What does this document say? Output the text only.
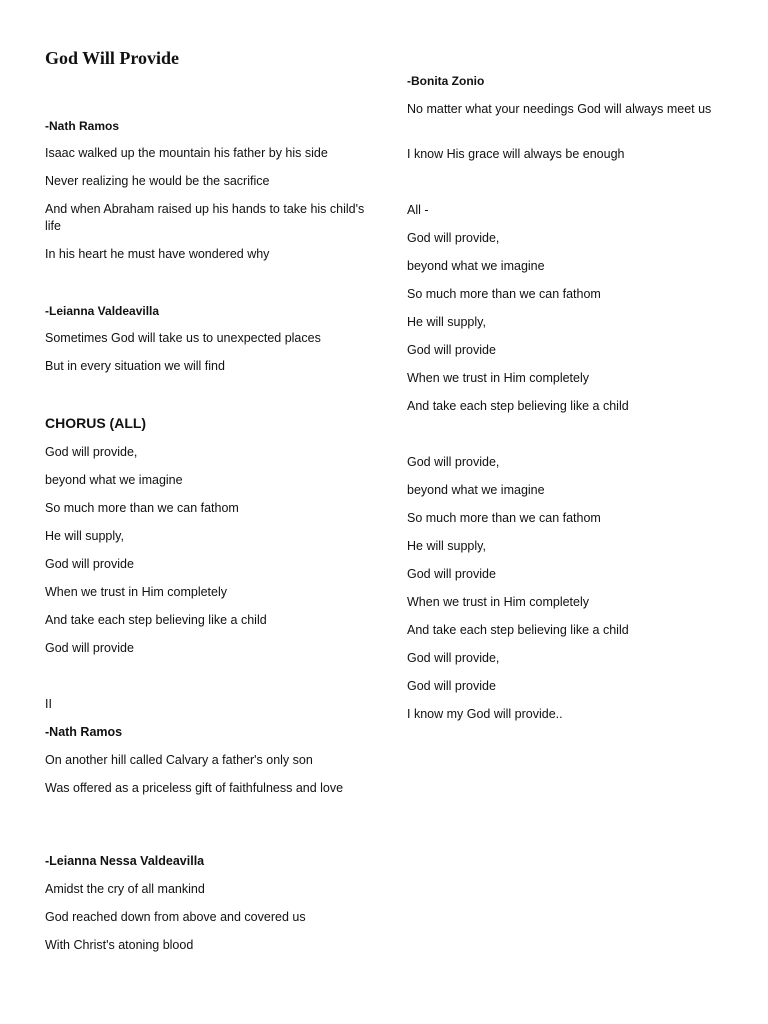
God Will Provide

-Nath Ramos

Isaac walked up the mountain his father by his side

Never realizing he would be the sacrifice

And when Abraham raised up his hands to take his child's life

In his heart he must have wondered why

-Leianna Valdeavilla

Sometimes God will take us to unexpected places

But in every situation we will find

CHORUS (ALL)

God will provide,

beyond what we imagine

So much more than we can fathom

He will supply,

God will provide

When we trust in Him completely

And take each step believing like a child

God will provide

II

-Nath Ramos

On another hill called Calvary a father's only son

Was offered as a priceless gift of faithfulness and love

-Leianna Nessa Valdeavilla

Amidst the cry of all mankind

God reached down from above and covered us

With Christ's atoning blood

-Bonita Zonio

No matter what your needings God will always meet us

I know His grace will always be enough

All -

God will provide,

beyond what we imagine

So much more than we can fathom

He will supply,

God will provide

When we trust in Him completely

And take each step believing like a child

God will provide,

beyond what we imagine

So much more than we can fathom

He will supply,

God will provide

When we trust in Him completely

And take each step believing like a child

God will provide,

God will provide

I know my God will provide..
